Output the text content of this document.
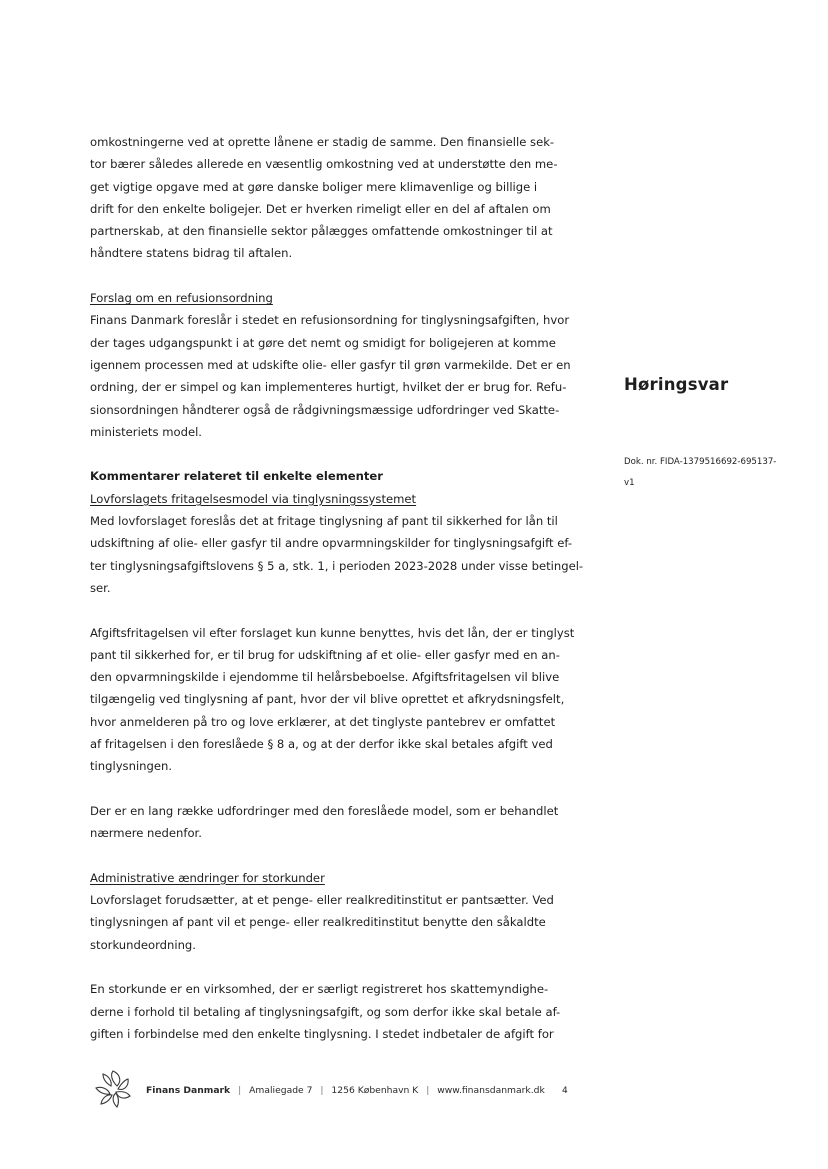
omkostningerne ved at oprette lånene er stadig de samme. Den finansielle sek-
tor bærer således allerede en væsentlig omkostning ved at understøtte den me-
get vigtige opgave med at gøre danske boliger mere klimavenlige og billige i
drift for den enkelte boligejer. Det er hverken rimeligt eller en del af aftalen om
partnerskab, at den finansielle sektor pålægges omfattende omkostninger til at
håndtere statens bidrag til aftalen.
Forslag om en refusionsordning
Finans Danmark foreslår i stedet en refusionsordning for tinglysningsafgiften, hvor
der tages udgangspunkt i at gøre det nemt og smidigt for boligejeren at komme
igennem processen med at udskifte olie- eller gasfyr til grøn varmekilde. Det er en
ordning, der er simpel og kan implementeres hurtigt, hvilket der er brug for. Refu-
sionsordningen håndterer også de rådgivningsmæssige udfordringer ved Skatte-
ministeriets model.
Kommentarer relateret til enkelte elementer
Lovforslagets fritagelsesmodel via tinglysningssystemet
Med lovforslaget foreslås det at fritage tinglysning af pant til sikkerhed for lån til
udskiftning af olie- eller gasfyr til andre opvarmningskilder for tinglysningsafgift ef-
ter tinglysningsafgiftslovens § 5 a, stk. 1, i perioden 2023-2028 under visse betingel-
ser.
Afgiftsfritagelsen vil efter forslaget kun kunne benyttes, hvis det lån, der er tinglyst
pant til sikkerhed for, er til brug for udskiftning af et olie- eller gasfyr med en an-
den opvarmningskilde i ejendomme til helårsbeboelse. Afgiftsfritagelsen vil blive
tilgængelig ved tinglysning af pant, hvor der vil blive oprettet et afkrydsningsfelt,
hvor anmelderen på tro og love erklærer, at det tinglyste pantebrev er omfattet
af fritagelsen i den foreslåede § 8 a, og at der derfor ikke skal betales afgift ved
tinglysningen.
Der er en lang række udfordringer med den foreslåede model, som er behandlet
nærmere nedenfor.
Administrative ændringer for storkunder
Lovforslaget forudsætter, at et penge- eller realkreditinstitut er pantsætter. Ved
tinglysningen af pant vil et penge- eller realkreditinstitut benytte den såkaldte
storkundeordning.
En storkunde er en virksomhed, der er særligt registreret hos skattemyndighe-
derne i forhold til betaling af tinglysningsafgift, og som derfor ikke skal betale af-
giften i forbindelse med den enkelte tinglysning. I stedet indbetaler de afgift for
Høringsvar
Dok. nr. FIDA-1379516692-695137-
v1
Finans Danmark | Amaliegade 7 | 1256 København K | www.finansdanmark.dk 4
